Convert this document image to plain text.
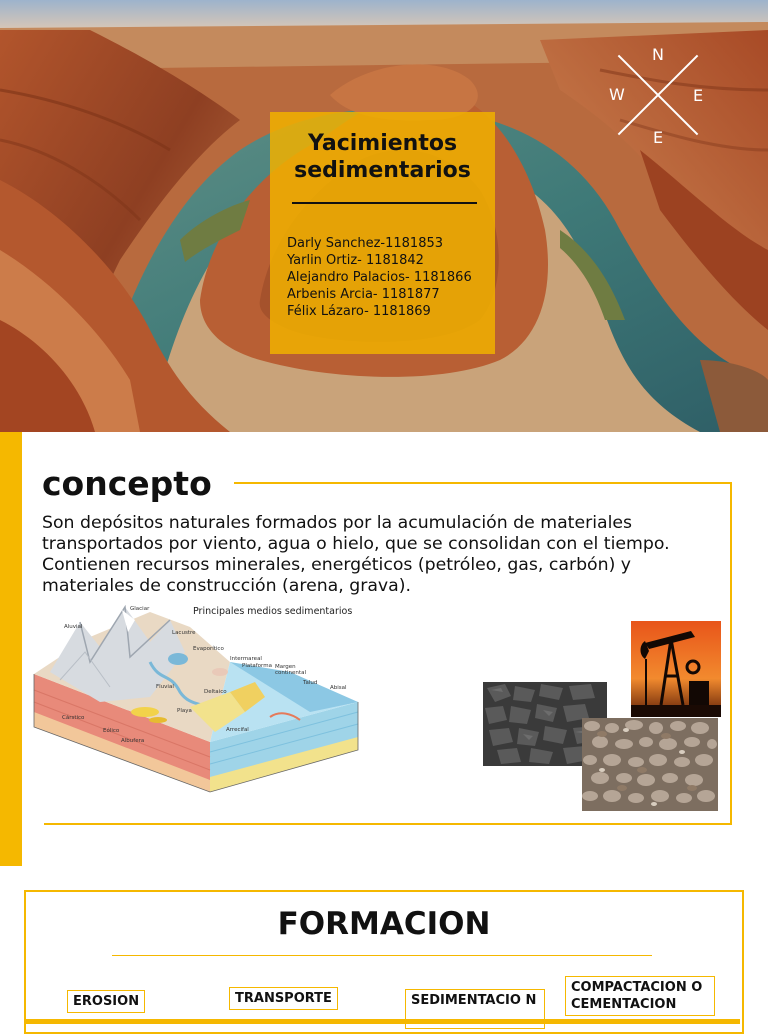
N
W	E
E
Yacimientos sedimentarios
Darly Sanchez-1181853
Yarlin Ortiz- 1181842
Alejandro Palacios- 1181866
Arbenis Arcia- 1181877
Félix Lázaro- 1181869
concepto
Son depósitos naturales formados por la acumulación de materiales transportados por viento, agua o hielo, que se consolidan con el tiempo. Contienen recursos minerales, energéticos (petróleo, gas, carbón) y materiales de construcción (arena, grava).
Principales medios sedimentarios
Glaciar
Aluvial
Lacustre
Evaporítico
Intermareal
Plataforma Margen continental
Talud
Abisal
Fluvial
Deltaico
Playa
Arrecifal
Cárstico
Eólico
Albufera
FORMACION
EROSION	TRANSPORTE	SEDIMENTACIO N
COMPACTACION O CEMENTACION
